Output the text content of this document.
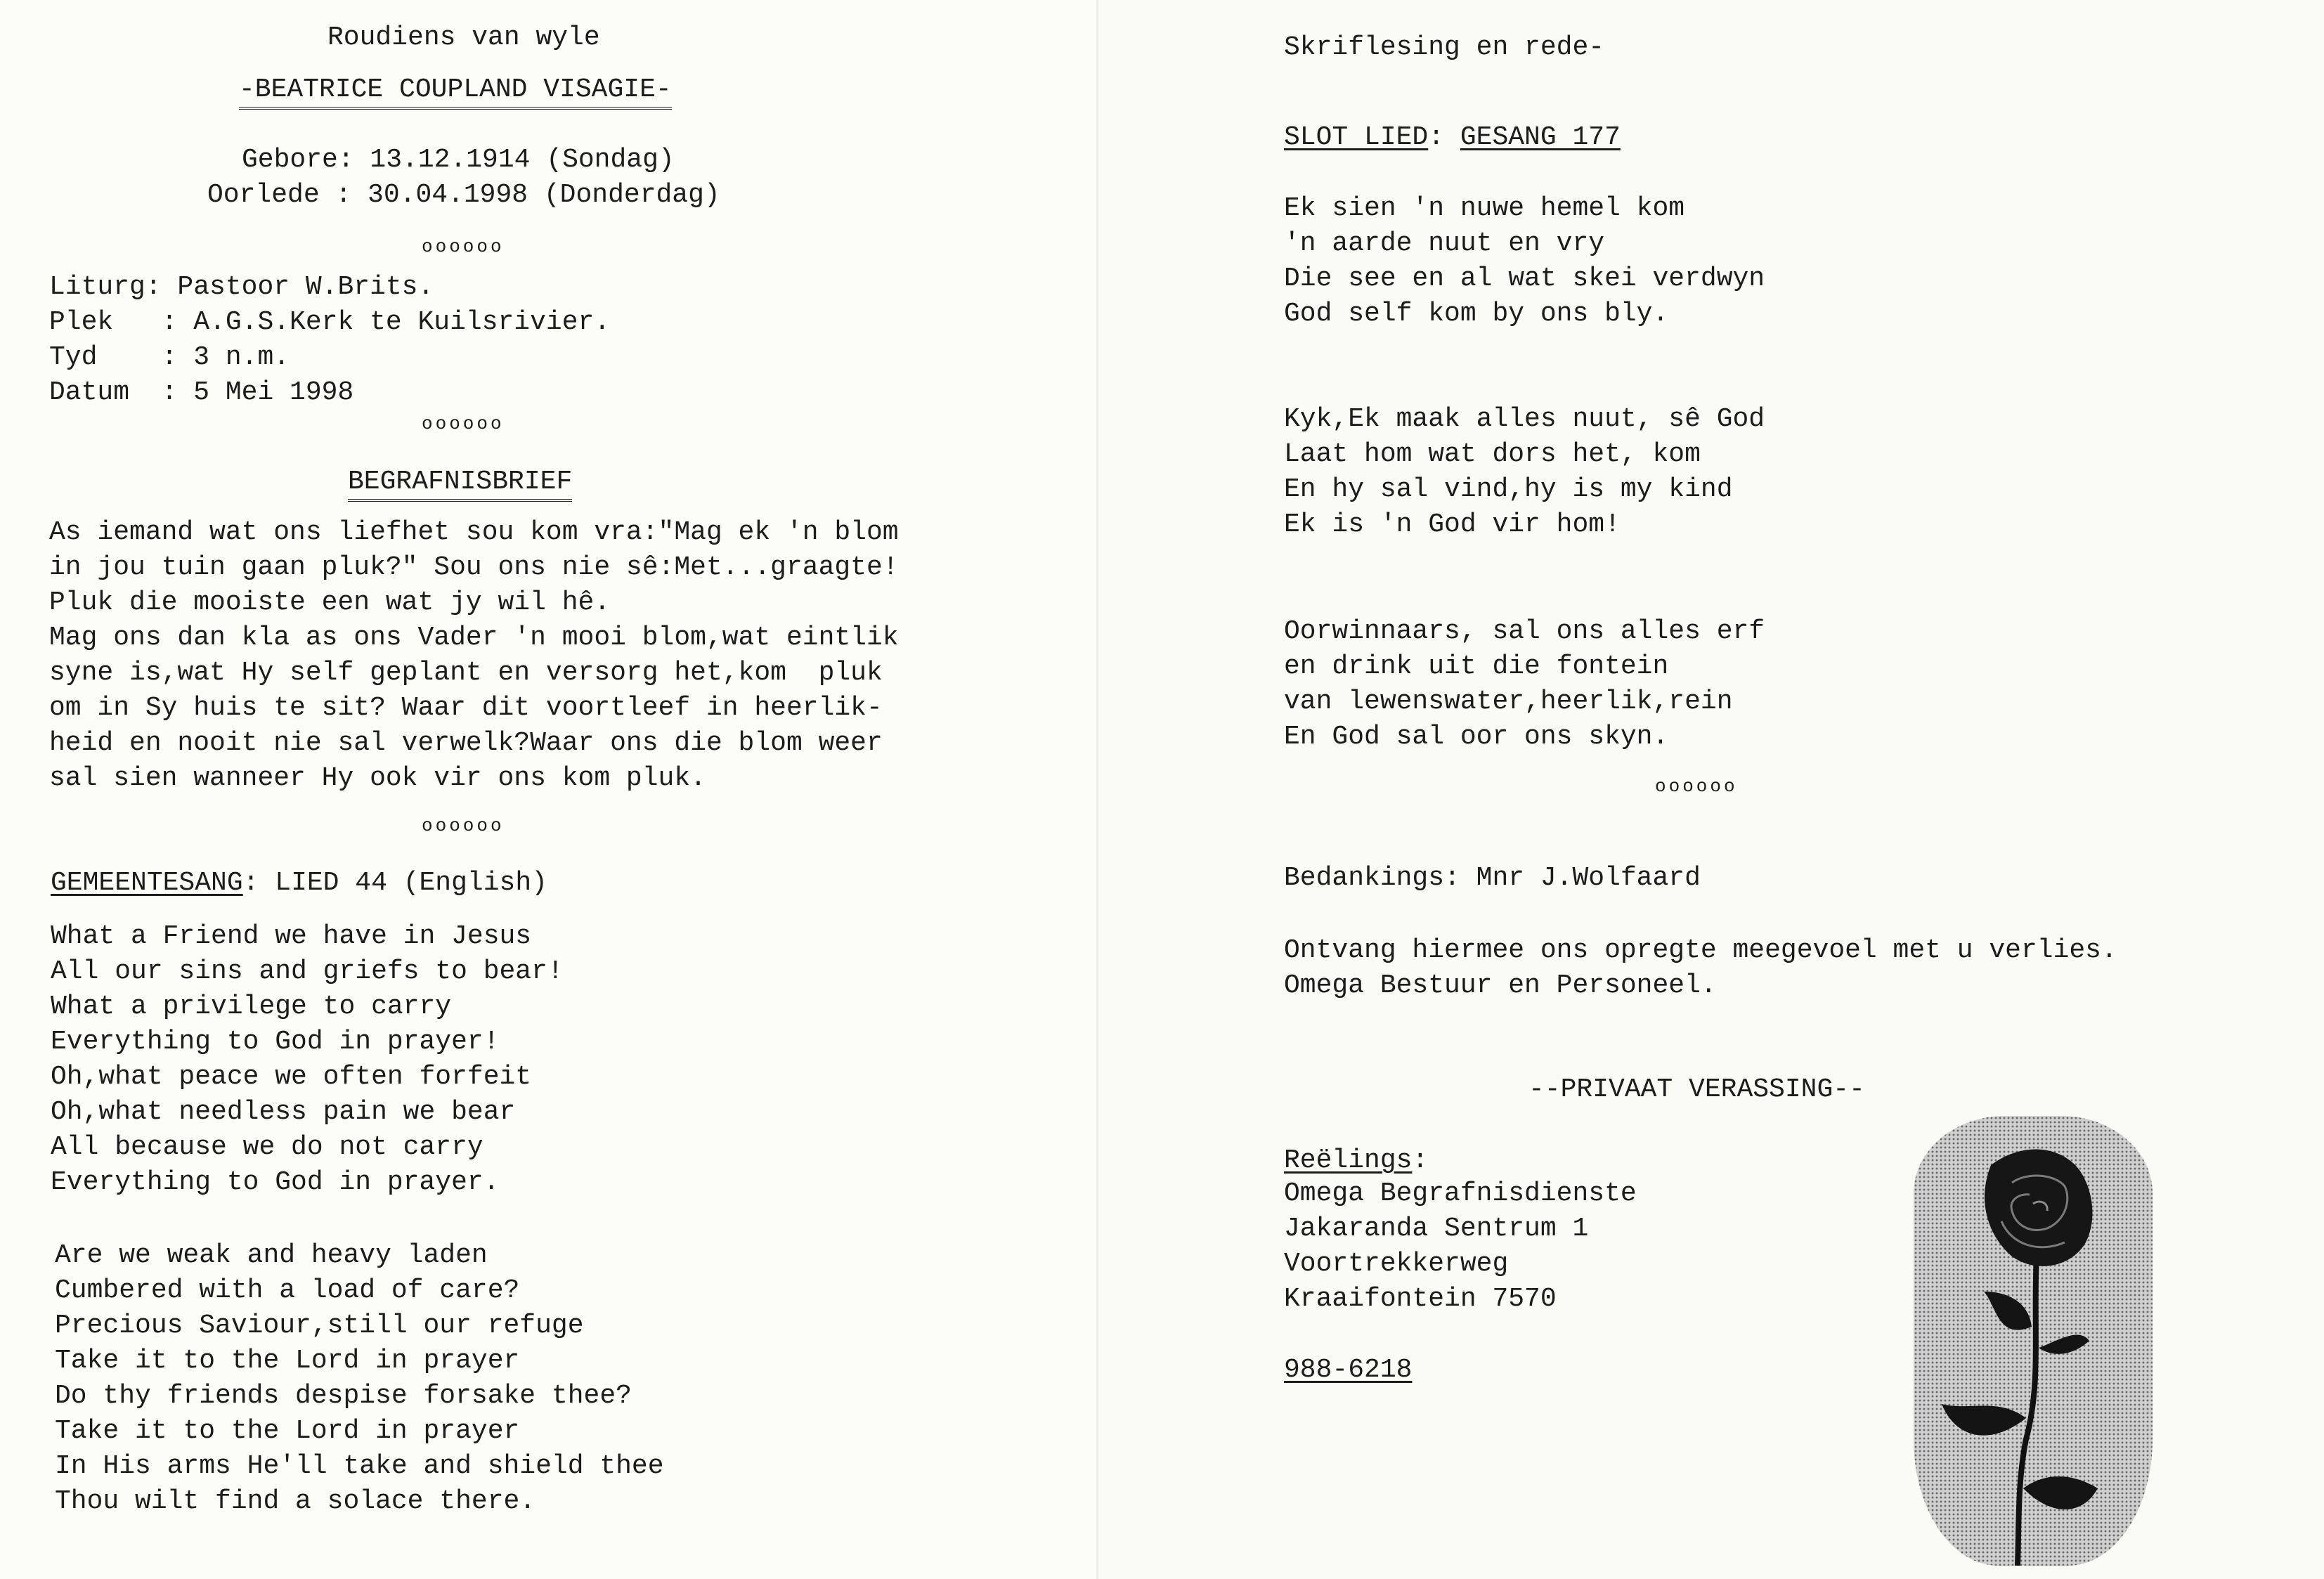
Roudiens van wyle
-BEATRICE COUPLAND VISAGIE-
Gebore: 13.12.1914 (Sondag)
Oorlede : 30.04.1998 (Donderdag)
oooooo
Liturg: Pastoor W.Brits.
Plek   : A.G.S.Kerk te Kuilsrivier.
Tyd    : 3 n.m.
Datum  : 5 Mei 1998
oooooo
BEGRAFNISBRIEF
As iemand wat ons liefhet sou kom vra:"Mag ek 'n blom
in jou tuin gaan pluk?" Sou ons nie sê:Met...graagte!
Pluk die mooiste een wat jy wil hê.
Mag ons dan kla as ons Vader 'n mooi blom,wat eintlik
syne is,wat Hy self geplant en versorg het,kom  pluk
om in Sy huis te sit? Waar dit voortleef in heerlik-
heid en nooit nie sal verwelk?Waar ons die blom weer
sal sien wanneer Hy ook vir ons kom pluk.
oooooo
GEMEENTESANG: LIED 44 (English)
What a Friend we have in Jesus
All our sins and griefs to bear!
What a privilege to carry
Everything to God in prayer!
Oh,what peace we often forfeit
Oh,what needless pain we bear
All because we do not carry
Everything to God in prayer.
Are we weak and heavy laden
Cumbered with a load of care?
Precious Saviour,still our refuge
Take it to the Lord in prayer
Do thy friends despise forsake thee?
Take it to the Lord in prayer
In His arms He'll take and shield thee
Thou wilt find a solace there.
Skriflesing en rede-
SLOT LIED: GESANG 177
Ek sien 'n nuwe hemel kom
'n aarde nuut en vry
Die see en al wat skei verdwyn
God self kom by ons bly.
Kyk,Ek maak alles nuut, sê God
Laat hom wat dors het, kom
En hy sal vind,hy is my kind
Ek is 'n God vir hom!
Oorwinnaars, sal ons alles erf
en drink uit die fontein
van lewenswater,heerlik,rein
En God sal oor ons skyn.
oooooo
Bedankings: Mnr J.Wolfaard
Ontvang hiermee ons opregte meegevoel met u verlies.
Omega Bestuur en Personeel.
--PRIVAAT VERASSING--
Reëlings:
Omega Begrafnisdienste
Jakaranda Sentrum 1
Voortrekkerweg
Kraaifontein 7570
988-6218
